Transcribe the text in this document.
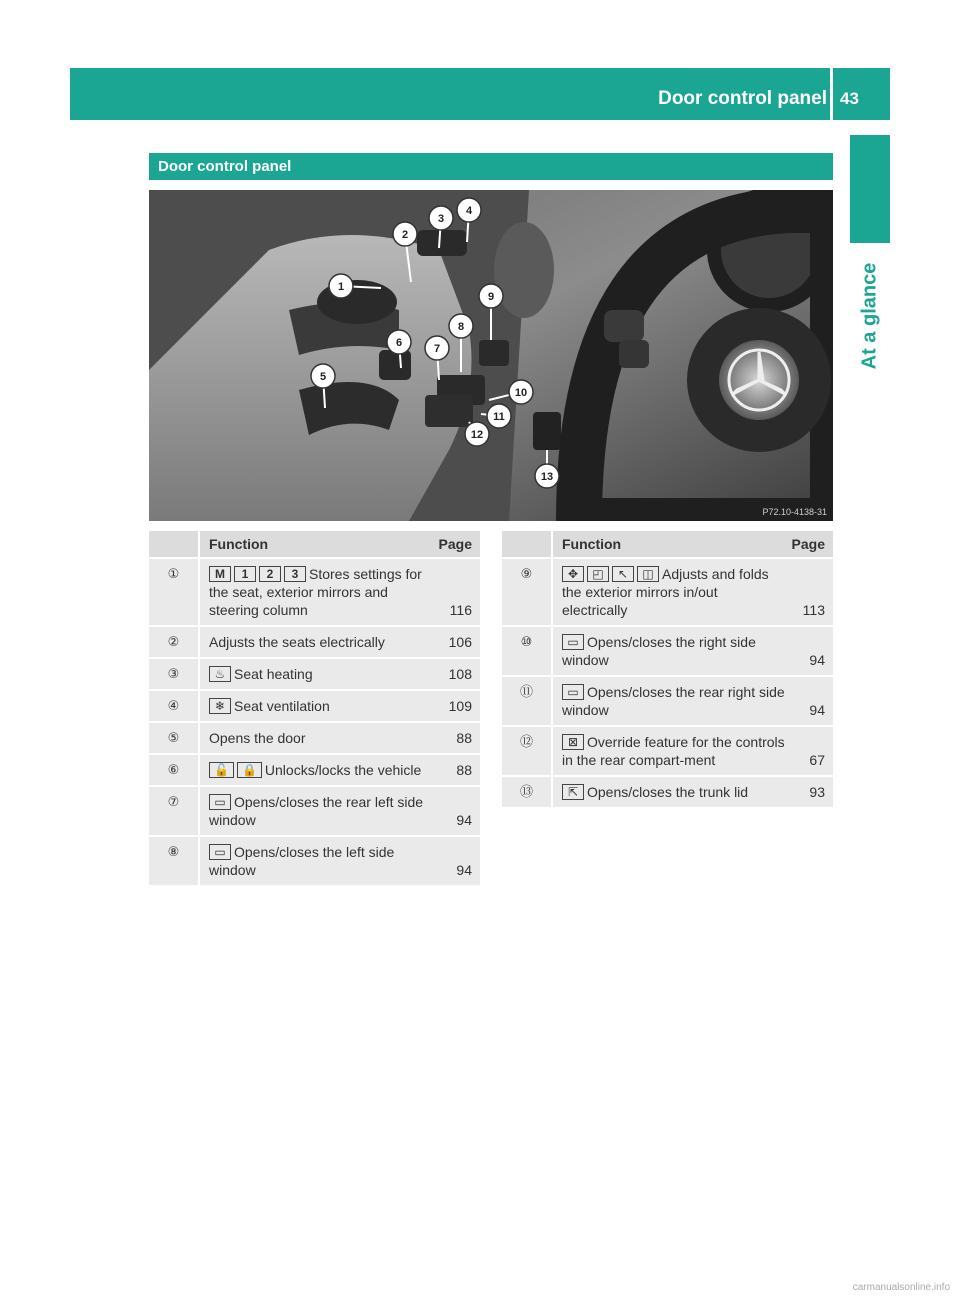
Door control panel 43
At a glance
Door control panel
P72.10-4138-31
1
2
3
4
5
6	7
8
9
10
11
12
13
	Function	Page
①	M 1 2 3 Stores settings for the seat, exterior mirrors and steering column	116
②	Adjusts the seats electrically	106
③	♨ Seat heating	108
④	❄ Seat ventilation	109
⑤	Opens the door	88
⑥	🔓 🔒 Unlocks/locks the vehicle	88
⑦	▭ Opens/closes the rear left side window	94
⑧	▭ Opens/closes the left side window	94
	Function	Page
⑨	✥ ◰ ↖ ◫ Adjusts and folds the exterior mirrors in/out electrically	113
⑩	▭ Opens/closes the right side window	94
⑪	▭ Opens/closes the rear right side window	94
⑫	⊠ Override feature for the controls in the rear compart-ment	67
⑬	⇱ Opens/closes the trunk lid	93
carmanualsonline.info
